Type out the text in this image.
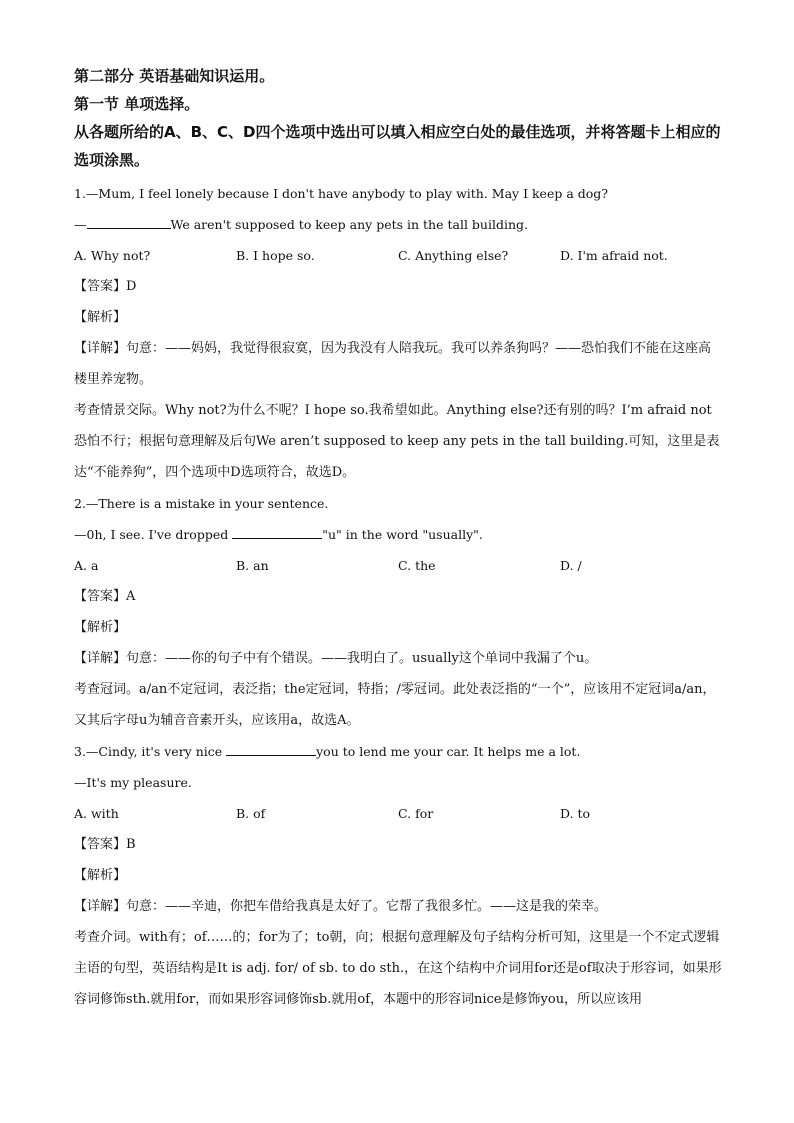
第二部分 英语基础知识运用。

第一节 单项选择。

从各题所给的A、B、C、D四个选项中选出可以填入相应空白处的最佳选项，并将答题卡上相应的选项涂黑。

1.—Mum, I feel lonely because I don't have anybody to play with. May I keep a dog?

—	We aren't supposed to keep any pets in the tall building.

A. Why not?	B. I hope so.	C. Anything else?	D. I'm afraid not.

【答案】D

【解析】

【详解】句意：——妈妈，我觉得很寂寞，因为我没有人陪我玩。我可以养条狗吗？——恐怕我们不能在这座高楼里养宠物。

考查情景交际。Why not?为什么不呢？I hope so.我希望如此。Anything else?还有别的吗？I’m afraid not 恐怕不行；根据句意理解及后句We aren’t supposed to keep any pets in the tall building.可知，这里是表达“不能养狗”，四个选项中D选项符合，故选D。

2.—There is a mistake in your sentence.

—0h, I see. I've dropped	"u" in the word "usually".

A. a	B. an	C. the	D. /

【答案】A

【解析】

【详解】句意：——你的句子中有个错误。——我明白了。usually这个单词中我漏了个u。

考查冠词。a/an不定冠词，表泛指；the定冠词，特指；/零冠词。此处表泛指的“一个”，应该用不定冠词a/an，又其后字母u为辅音音素开头，应该用a，故选A。

3.—Cindy, it's very nice	you to lend me your car. It helps me a lot.

—It's my pleasure.

A. with	B. of	C. for	D. to

【答案】B

【解析】

【详解】句意：——辛迪，你把车借给我真是太好了。它帮了我很多忙。——这是我的荣幸。

考查介词。with有；of……的；for为了；to朝，向；根据句意理解及句子结构分析可知，这里是一个不定式逻辑主语的句型，英语结构是It is adj. for/ of sb. to do sth.，在这个结构中介词用for还是of取决于形容词，如果形容词修饰sth.就用for，而如果形容词修饰sb.就用of，本题中的形容词nice是修饰you，所以应该用
